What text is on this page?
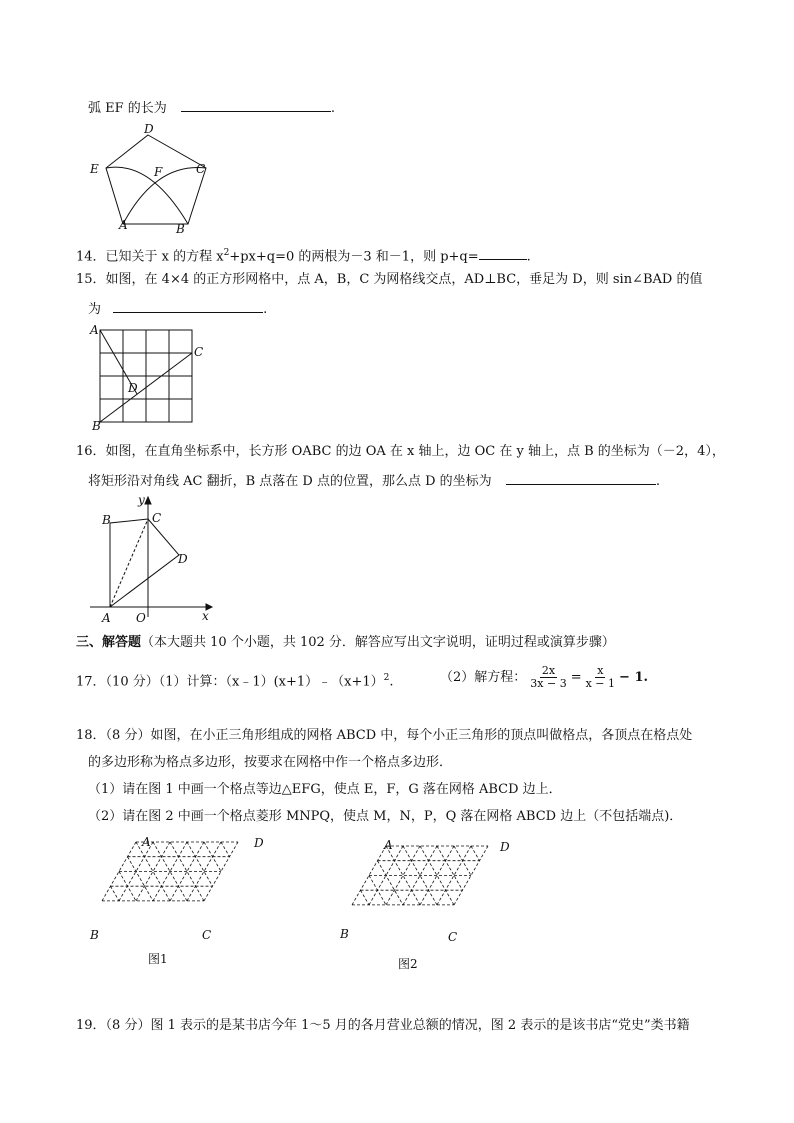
弧 EF 的长为	.
D
E	F	C
A	B
14．已知关于 x 的方程 $x^2+px+q=0$ 的两根为－3 和－1，则 p+q=	.
15．如图，在 4×4 的正方形网格中，点 A，B，C 为网格线交点，AD⊥BC，垂足为 D，则 sin∠BAD 的值
为	.
A
B
C
D
16．如图，在直角坐标系中，长方形 OABC 的边 OA 在 x 轴上，边 OC 在 y 轴上，点 B 的坐标为（－2，4），
将矩形沿对角线 AC 翻折，B 点落在 D 点的位置，那么点 D 的坐标为	.
y
x
B	C
D
A O
三、解答题（本大题共 10 个小题，共 102 分．解答应写出文字说明，证明过程或演算步骤）
17．（10 分）（1）计算：$(x﹣1)(x+1)﹣(x+1)^2$.	（2）解方程： $\frac{2x}{3x - 3} = \frac{x}{x - 1} - 1$.
18．（8 分）如图，在小正三角形组成的网格 ABCD 中，每个小正三角形的顶点叫做格点，各顶点在格点处
的多边形称为格点多边形，按要求在网格中作一个格点多边形．
（1）请在图 1 中画一个格点等边△EFG，使点 E，F，G 落在网格 ABCD 边上．
（2）请在图 2 中画一个格点菱形 MNPQ，使点 M，N，P，Q 落在网格 ABCD 边上（不包括端点)．
A	D
B	C
图1
A	D
B	C
图2
19．（8 分）图 1 表示的是某书店今年 1～5 月的各月营业总额的情况，图 2 表示的是该书店“党史”类书籍
